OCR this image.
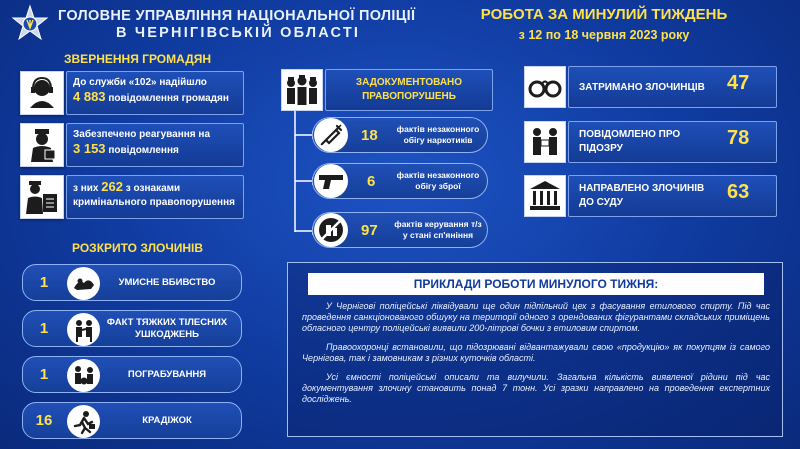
ГОЛОВНЕ УПРАВЛІННЯ НАЦІОНАЛЬНОЇ ПОЛІЦІЇ
В ЧЕРНІГІВСЬКІЙ ОБЛАСТІ
РОБОТА ЗА МИНУЛИЙ ТИЖДЕНЬ
з 12 по 18 червня 2023 року
ЗВЕРНЕННЯ ГРОМАДЯН
До служби «102» надійшло
4 883 повідомлення громадян
Забезпечено реагування на
3 153 повідомлення
з них 262 з ознаками
кримінального правопорушення
РОЗКРИТО ЗЛОЧИНІВ
1	УМИСНЕ ВБИВСТВО
1	ФАКТ ТЯЖКИХ ТІЛЕСНИХ УШКОДЖЕНЬ
1	ПОГРАБУВАННЯ
16	КРАДІЖОК
ЗАДОКУМЕНТОВАНО ПРАВОПОРУШЕНЬ
18	фактів незаконного обігу наркотиків
6	фактів незаконного обігу зброї
97 фактів керування т/з у стані сп'яніння
ЗАТРИМАНО ЗЛОЧИНЦІВ 47
ПОВІДОМЛЕНО ПРО ПІДОЗРУ	78
НАПРАВЛЕНО ЗЛОЧИНІВ ДО СУДУ	63
ПРИКЛАДИ РОБОТИ МИНУЛОГО ТИЖНЯ:

У Чернігові поліцейські ліквідували ще один підпільний цех з фасування етилового спирту. Під час проведення санкціонованого обшуку на території одного з орендованих фігурантами складських приміщень обласного центру поліцейські виявили 200-літрові бочки з етиловим спиртом.

Правоохоронці встановили, що підозрювані відвантажували свою «продукцію» як покупцям із самого Чернігова, так і замовникам з різних куточків області.

Усі ємності поліцейські описали та вилучили. Загальна кількість виявленої рідини під час документування злочину становить понад 7 тонн. Усі зразки направлено на проведення експертних досліджень.
